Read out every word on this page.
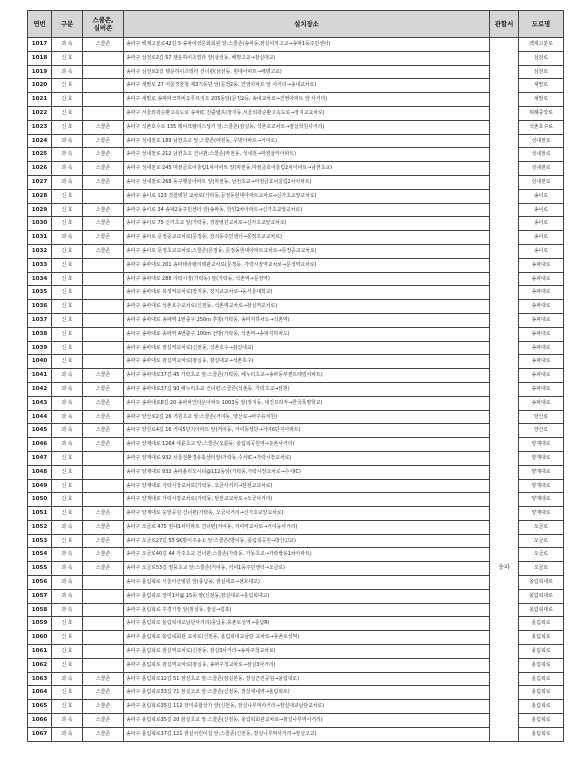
연번	구분	스쿨존,
실버존	설치장소	관할서	도로명
1017	과 속	스쿨존	송파구 백제고분로42길 5 송파여성문화회관 앞:스쿨존(송파동,잠실여자고교→송파1동주민센터)		백제고분로
1018	신 호		송파구 삼전로2길 57 행운하이츠빌라 앞(삼전동, 배명고교→잠실대교)		삼전로
1019	과 속		송파구 삼전로2길 행운하이츠빌라 건너편(삼전동, 현대아파트→배명고교)		삼전로
1020	신 호		송파구 새말로 27 서울경찰청 제3기동단 앞(문정2동, 건영아파트 앞 사거리→송내교차로)		새말로
1021	신 호		송파구 새말로 송파파크하비오푸르지오 205동앞(문정2동, 송내교차로→건영아파트 앞 사거리)		새말로
1022	신 호		송파구 서울외곽순환고속도로 송파IC 진출램프(장지동,서울외곽순환고속도로→장지교교차로)		위례중앙로
1023	신 호	스쿨존	송파구 석촌호수로 135 레이크팰리스상가 앞:스쿨존(잠실동, 석촌호교차로→잠실학원사거리)		석촌호수로
1024	과 속	스쿨존	송파구 성내천로 189 남천초교 앞:스쿨존(마천동, 우방아파트→거여로)		성내천로
1025	과 속	스쿨존	송파구 성내천로 212 남천초교 건너편:스쿨존(마천동, 성내천→마천삼익아파트)		성내천로
1026	과 속	스쿨존	송파구 성내천로 245 마천금호어울림1차아파트 앞(마천동,마천금호어울림2차아파트→남천초교)		성내천로
1027	과 속	스쿨존	송파구 성내천로 268 동구햇살아파트 앞(마천동, 남천초교→마천금호어울림2차아파트)		성내천로
1028	신 호		송파구 송이로 123 경찰병원 교차로(가락동,문정동현대아파트교차로→신가초교앞교차로)		송이로
1029	신 호	스쿨존	송파구 송이로 34 송파2동주민센터 앞(송파동, 한양2차아파트→신가초교앞교차로)		송이로
1030	신 호	스쿨존	송파구 송이로 75 신가초교 앞(가락동, 경찰병원교차로→신가초교앞교차로)		송이로
1031	과 속	스쿨존	송파구 송이로 문정중교교차로(문정동, 장지동주민센터→문정초교교차로)		송이로
1032	신 호	스쿨존	송파구 송이로 문정초교교차로:스쿨존(문정동, 문정동현대아파트교차로→문정중교교차로)		송이로
1033	신 호		송파구 송파대로 201 송파테라팰리테관교차로(문정동, 가락시장역교차로→문정역교차로)		송파대로
1034	신 호		송파구 송파대로 288 가락시장(가락동) 앞(가락동, 석촌역→문정역)		송파대로
1035	신 호		송파구 송파대로 복정역교차로(장지동, 장지교교차로→동서울대학교)		송파대로
1036	신 호		송파구 송파대로 석촌호수교차로(신천동, 석촌역교차로→잠실역교차로)		송파대로
1037	신 호		송파구 송파대로 송파역 1번출구 250m 후방(가락동, 송파지하차도→석촌역)		송파대로
1038	신 호		송파구 송파대로 송파역 4번출구 100m 전방(가락동, 석촌역→송파지하차도)		송파대로
1039	신 호		송파구 송파대로 잠실역교차로(신천동, 석촌호수→잠실대교)		송파대로
1040	신 호		송파구 송파대로 잠실역교차로(잠실동, 잠실대교→석촌호수)		송파대로
1041	과 속	스쿨존	송파구 송파대로37길 45 가락초교 앞:스쿨존(가락동, 해누리초교→송파동부센트레빌아파트)		송파대로
1042	과 속	스쿨존	송파구 송파대로37길 90 해누리초교 건너편:스쿨존(석촌동, 가락초교→탄천)		송파대로
1043	과 속	스쿨존	송파구 송파대로8길 20 송파파인타운아파트 1003동 앞(장지동, 대진프라자→한국폭명학교)		송파대로
1044	과 속	스쿨존	송파구 양산로2길 26 거원초교 앞:스쿨존(거여동, 양산로→마주유치원)		양산로
1045	과 속	스쿨존	송파구 양산로4길 16 거여5단지아파트 앞(거여동, 거여동성당→거여6단지아파트)		양산로
1046	과 속	스쿨존	송파구 양재대로 1264 세륜초교 앞:스쿨존(오륜동, 올림픽공원역→둔촌사거리)		양재대로
1047	신 호		송파구 양재대로 932 서울전환경유통센터앞(가락동,수서IC→가락시장교차로)		양재대로
1048	신 호		송파구 양재대로 932 송파폴리오시티@112동앞(가락동,가락시장교차로→수서IC)		양재대로
1049	신 호		송파구 양재대로 가락시장교차로(가락동, 오금사거리→탄천교교차로)		양재대로
1050	신 호		송파구 양재대로 가락시장교차로(가락동, 탄천교교차로→오금사거리)		양재대로
1051	신 호	스쿨존	송파구 양재대로 웃말공원 건너편(가락동, 오금사거리→신가초교앞교차로)		양재대로
1052	과 속	스쿨존	송파구 오금로 475 현대1차아파트 건너편(거여동, 거여역교차로→거여동사거리)		오금로
1053	신 호	스쿨존	송파구 오금로27길 53 SK방이주유소 앞:스쿨존(방이동, 올림픽공원→방산고교)		오금로
1054	과 속	스쿨존	송파구 오금로40길 44 가주초교 건너편:스쿨존(가락동, 가동초교→가락쌍용1차아파트)		오금로
1055	과 속	스쿨존	송파구 오금로53길 영풍초교 앞:스쿨존(거여동, 거여1동주민센터→오금로)	송파	오금로
1056	과 속		송파구 올림픽로 서울아산병원 앞(풍납동, 잠실대교→천호대교)		올림픽대로
1057	과 속		송파구 올림픽로 장미1차@ 15동 앞(신천동,잠실대교→올림픽대교)		올림픽대로
1058	과 속		송파구 올림픽로 주경기장 앞(잠실동, 잠실→김포)		올림픽대로
1059	신 호		송파구 올림픽로 올림픽대교남단사거리(풍납동,몽촌토성역→풍납R)		올림픽로
1060	신 호		송파구 올림픽로 올림픽회관 교차로(신천동, 올림픽대교남단 교차로→몽촌토성역)		올림픽로
1061	신 호		송파구 올림픽로 잠실역교차로(신천동, 잠실3사거리→송파구청교차로)		올림픽로
1062	신 호		송파구 올림픽로 잠실역교차로(잠실동, 송파구청교차로→잠실3사거리)		올림픽로
1063	과 속	스쿨존	송파구 올림픽로12길 51 잠전초교 앞:스쿨존(잠실본동, 잠실근린공원→올림픽로)		올림픽로
1064	신 호	스쿨존	송파구 올림픽로33길 71 잠실고교 앞:스쿨존(신천동, 잠실새내역→올림픽로)		올림픽로
1065	신 호	스쿨존	송파구 올림픽로35길 112 장미종합상가 앞(신천동, 잠실나루역사거리→잠실대교남단교차로)		올림픽로
1066	과 속	스쿨존	송파구 올림픽로35길 20 잠실초교 앞:스쿨존(신천동, 올림픽회관교차로→잠실나루역사거리)		올림픽로
1067	과 속	스쿨존	송파구 올림픽로37길 121 잠실어린이집 앞:스쿨존(신천동, 잠실나루역사거리→잠실고교)		올림픽로
